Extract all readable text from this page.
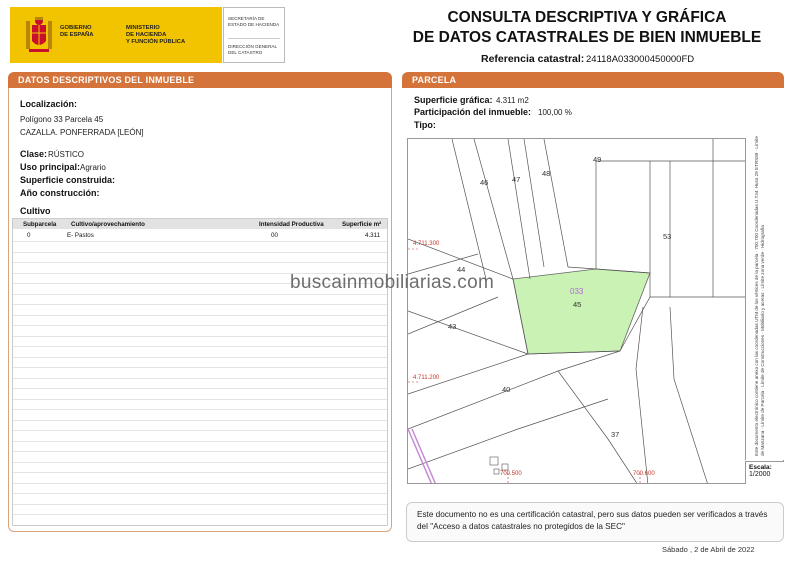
GOBIERNO
DE ESPAÑA
MINISTERIO
DE HACIENDA
Y FUNCIÓN PÚBLICA
SECRETARÍA DE ESTADO DE HACIENDA
DIRECCIÓN GENERAL DEL CATASTRO
CONSULTA DESCRIPTIVA Y GRÁFICA
DE DATOS CATASTRALES DE BIEN INMUEBLE
Referencia catastral: 24118A033000450000FD
DATOS DESCRIPTIVOS DEL INMUEBLE	PARCELA
Localización:
Polígono 33 Parcela 45
CAZALLA. PONFERRADA [LEÓN]
Clase: RÚSTICO
Uso principal: Agrario
Superficie construida:
Año construcción:
Cultivo
Subparcela Cultivo/aprovechamiento	Intensidad Productiva	Superficie m²
0	E- Pastos	00	4.311
Superficie gráfica: 4.311 m2
Participación del inmueble: 100,00 %
Tipo:
49
48
47
46
53
44
45
43
40
37
033
4.711.300
4.711.200
700.500	700.600
Este documento electrónico contiene anexo con las coordenadas UTM de los vértices de la parcela · 700.700 Coordenadas U.T.M. Huso 29 ETRS89 · Límite de Manzana · Límite de Parcela · Límite de Construcciones · Mobiliario y aceras · Límite zona verde · Hidrografía
Escala:
1/2000
Este documento no es una certificación catastral, pero sus datos pueden ser verificados a través del "Acceso a datos catastrales no protegidos de la SEC"
Sábado , 2 de Abril de 2022
buscainmobiliarias.com
